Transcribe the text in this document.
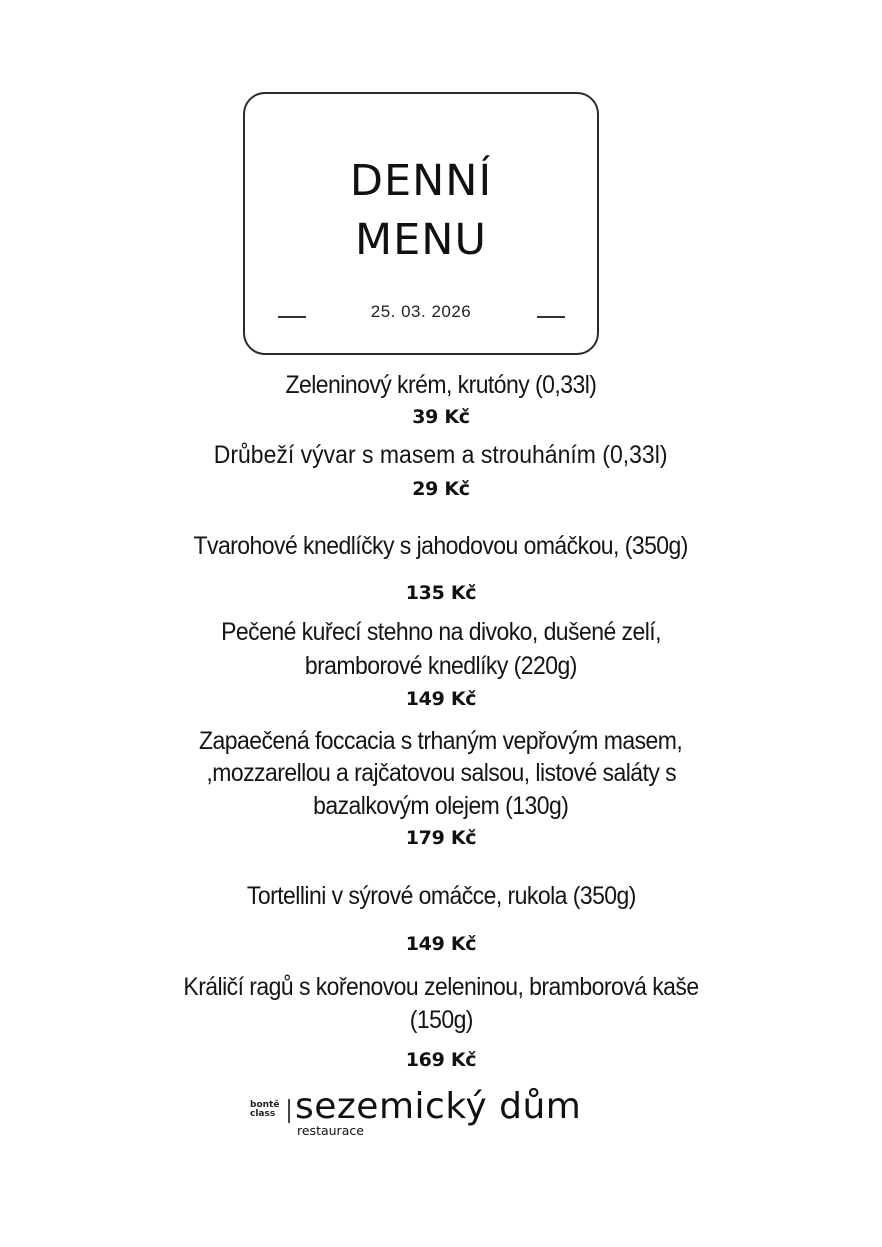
DENNÍ
MENU
25. 03. 2026
Zeleninový krém, krutóny (0,33l)
39 Kč
Drůbeží vývar s masem a strouháním (0,33l)
29 Kč
Tvarohové knedlíčky s jahodovou omáčkou, (350g)
135 Kč
Pečené kuřecí stehno na divoko, dušené zelí,
bramborové knedlíky (220g)
149 Kč
Zapaečená foccacia s trhaným vepřovým masem,
,mozzarellou a rajčatovou salsou, listové saláty s
bazalkovým olejem (130g)
179 Kč
Tortellini v sýrové omáčce, rukola (350g)
149 Kč
Králičí ragů s kořenovou zeleninou, bramborová kaše
(150g)
169 Kč
bontě
class sezemický dům
restaurace
